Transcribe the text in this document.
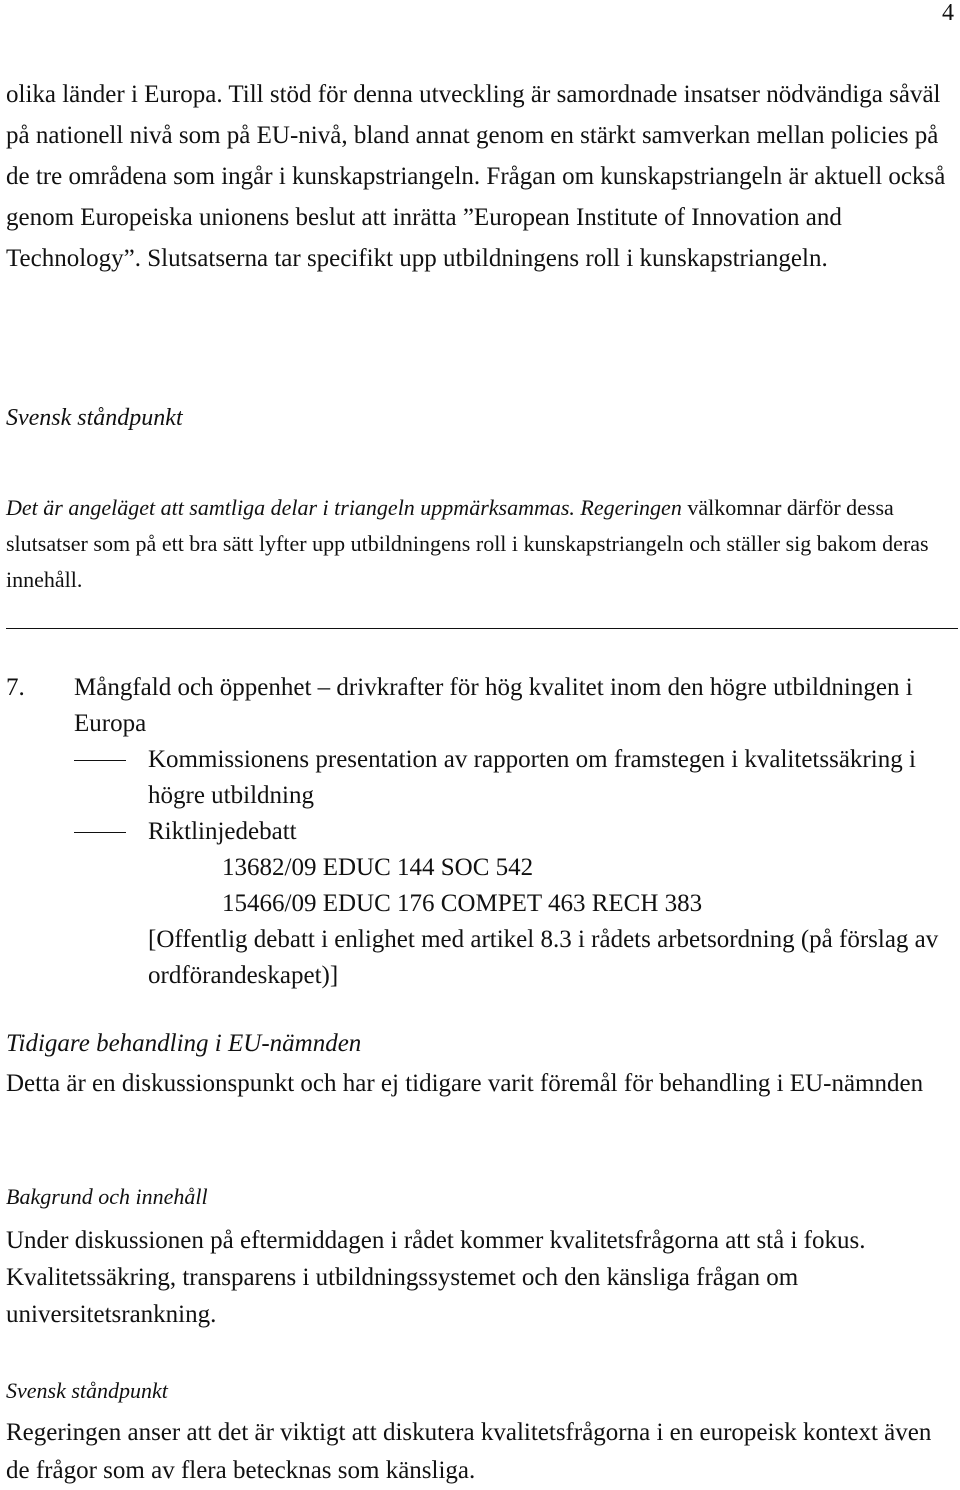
4
olika länder i Europa. Till stöd för denna utveckling är samordnade insatser nödvändiga såväl på nationell nivå som på EU-nivå, bland annat genom en stärkt samverkan mellan policies på de tre områdena som ingår i kunskapstriangeln. Frågan om kunskapstriangeln är aktuell också genom Europeiska unionens beslut att inrätta ”European Institute of Innovation and Technology”. Slutsatserna tar specifikt upp utbildningens roll i kunskapstriangeln.
Svensk ståndpunkt
Det är angeläget att samtliga delar i triangeln uppmärksammas. Regeringen välkomnar därför dessa slutsatser som på ett bra sätt lyfter upp utbildningens roll i kunskapstriangeln och ställer sig bakom deras innehåll.
7. Mångfald och öppenhet – drivkrafter för hög kvalitet inom den högre utbildningen i Europa
Kommissionens presentation av rapporten om framstegen i kvalitetssäkring i högre utbildning
Riktlinjedebatt
13682/09 EDUC 144 SOC 542
15466/09 EDUC 176 COMPET 463 RECH 383
[Offentlig debatt i enlighet med artikel 8.3 i rådets arbetsordning (på förslag av ordförandeskapet)]
Tidigare behandling i EU-nämnden
Detta är en diskussionspunkt och har ej tidigare varit föremål för behandling i EU-nämnden
Bakgrund och innehåll
Under diskussionen på eftermiddagen i rådet kommer kvalitetsfrågorna att stå i fokus. Kvalitetssäkring, transparens i utbildningssystemet och den känsliga frågan om universitetsrankning.
Svensk ståndpunkt
Regeringen anser att det är viktigt att diskutera kvalitetsfrågorna i en europeisk kontext även de frågor som av flera betecknas som känsliga.
